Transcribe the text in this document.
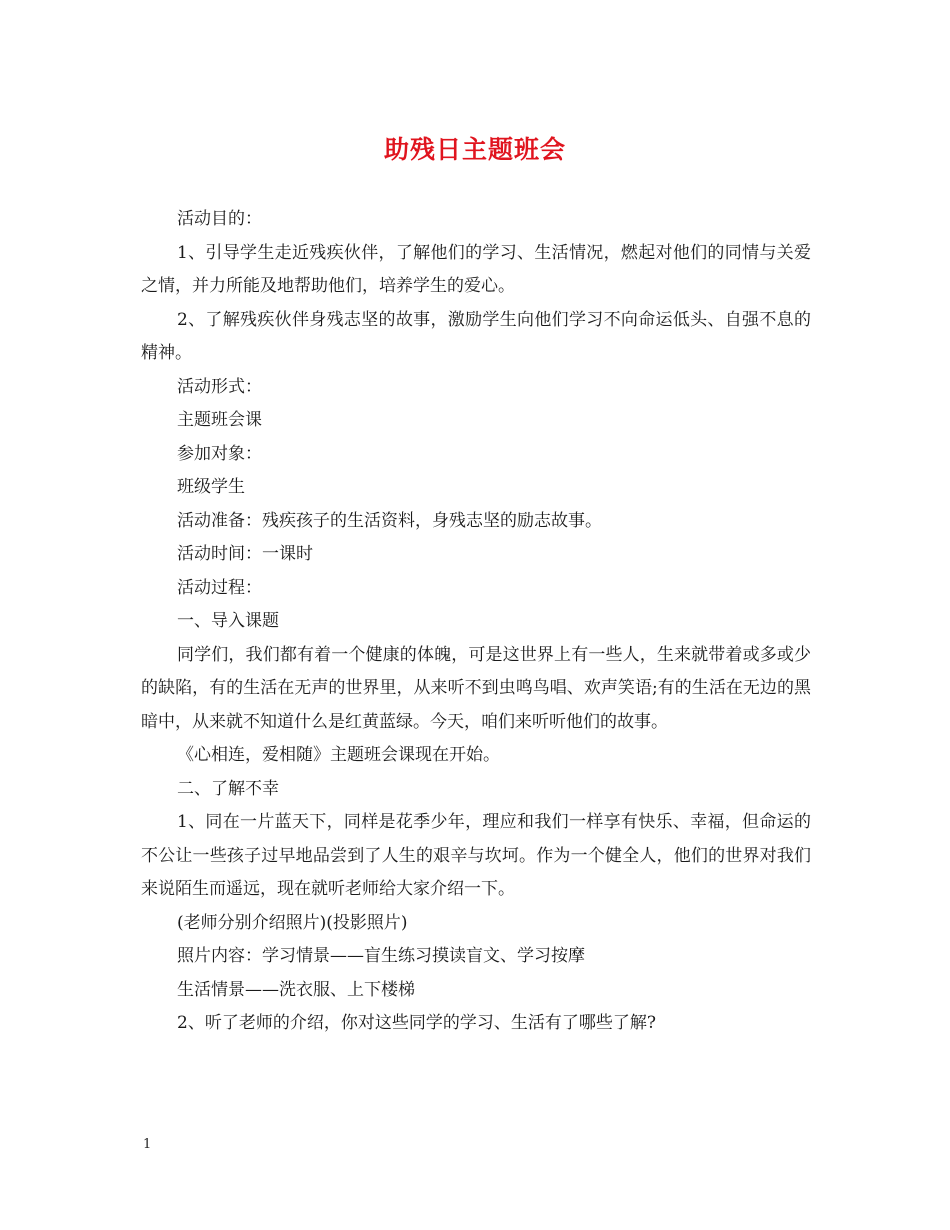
助残日主题班会

活动目的：

1、引导学生走近残疾伙伴，了解他们的学习、生活情况，燃起对他们的同情与关爱之情，并力所能及地帮助他们，培养学生的爱心。

2、了解残疾伙伴身残志坚的故事，激励学生向他们学习不向命运低头、自强不息的精神。

活动形式：

主题班会课

参加对象：

班级学生

活动准备：残疾孩子的生活资料，身残志坚的励志故事。

活动时间：一课时

活动过程：

一、导入课题

同学们，我们都有着一个健康的体魄，可是这世界上有一些人，生来就带着或多或少的缺陷，有的生活在无声的世界里，从来听不到虫鸣鸟唱、欢声笑语;有的生活在无边的黑暗中，从来就不知道什么是红黄蓝绿。今天，咱们来听听他们的故事。

《心相连，爱相随》主题班会课现在开始。

二、了解不幸

1、同在一片蓝天下，同样是花季少年，理应和我们一样享有快乐、幸福，但命运的不公让一些孩子过早地品尝到了人生的艰辛与坎坷。作为一个健全人，他们的世界对我们来说陌生而遥远，现在就听老师给大家介绍一下。

(老师分别介绍照片)(投影照片)

照片内容：学习情景——盲生练习摸读盲文、学习按摩

生活情景——洗衣服、上下楼梯

2、听了老师的介绍，你对这些同学的学习、生活有了哪些了解?

1
